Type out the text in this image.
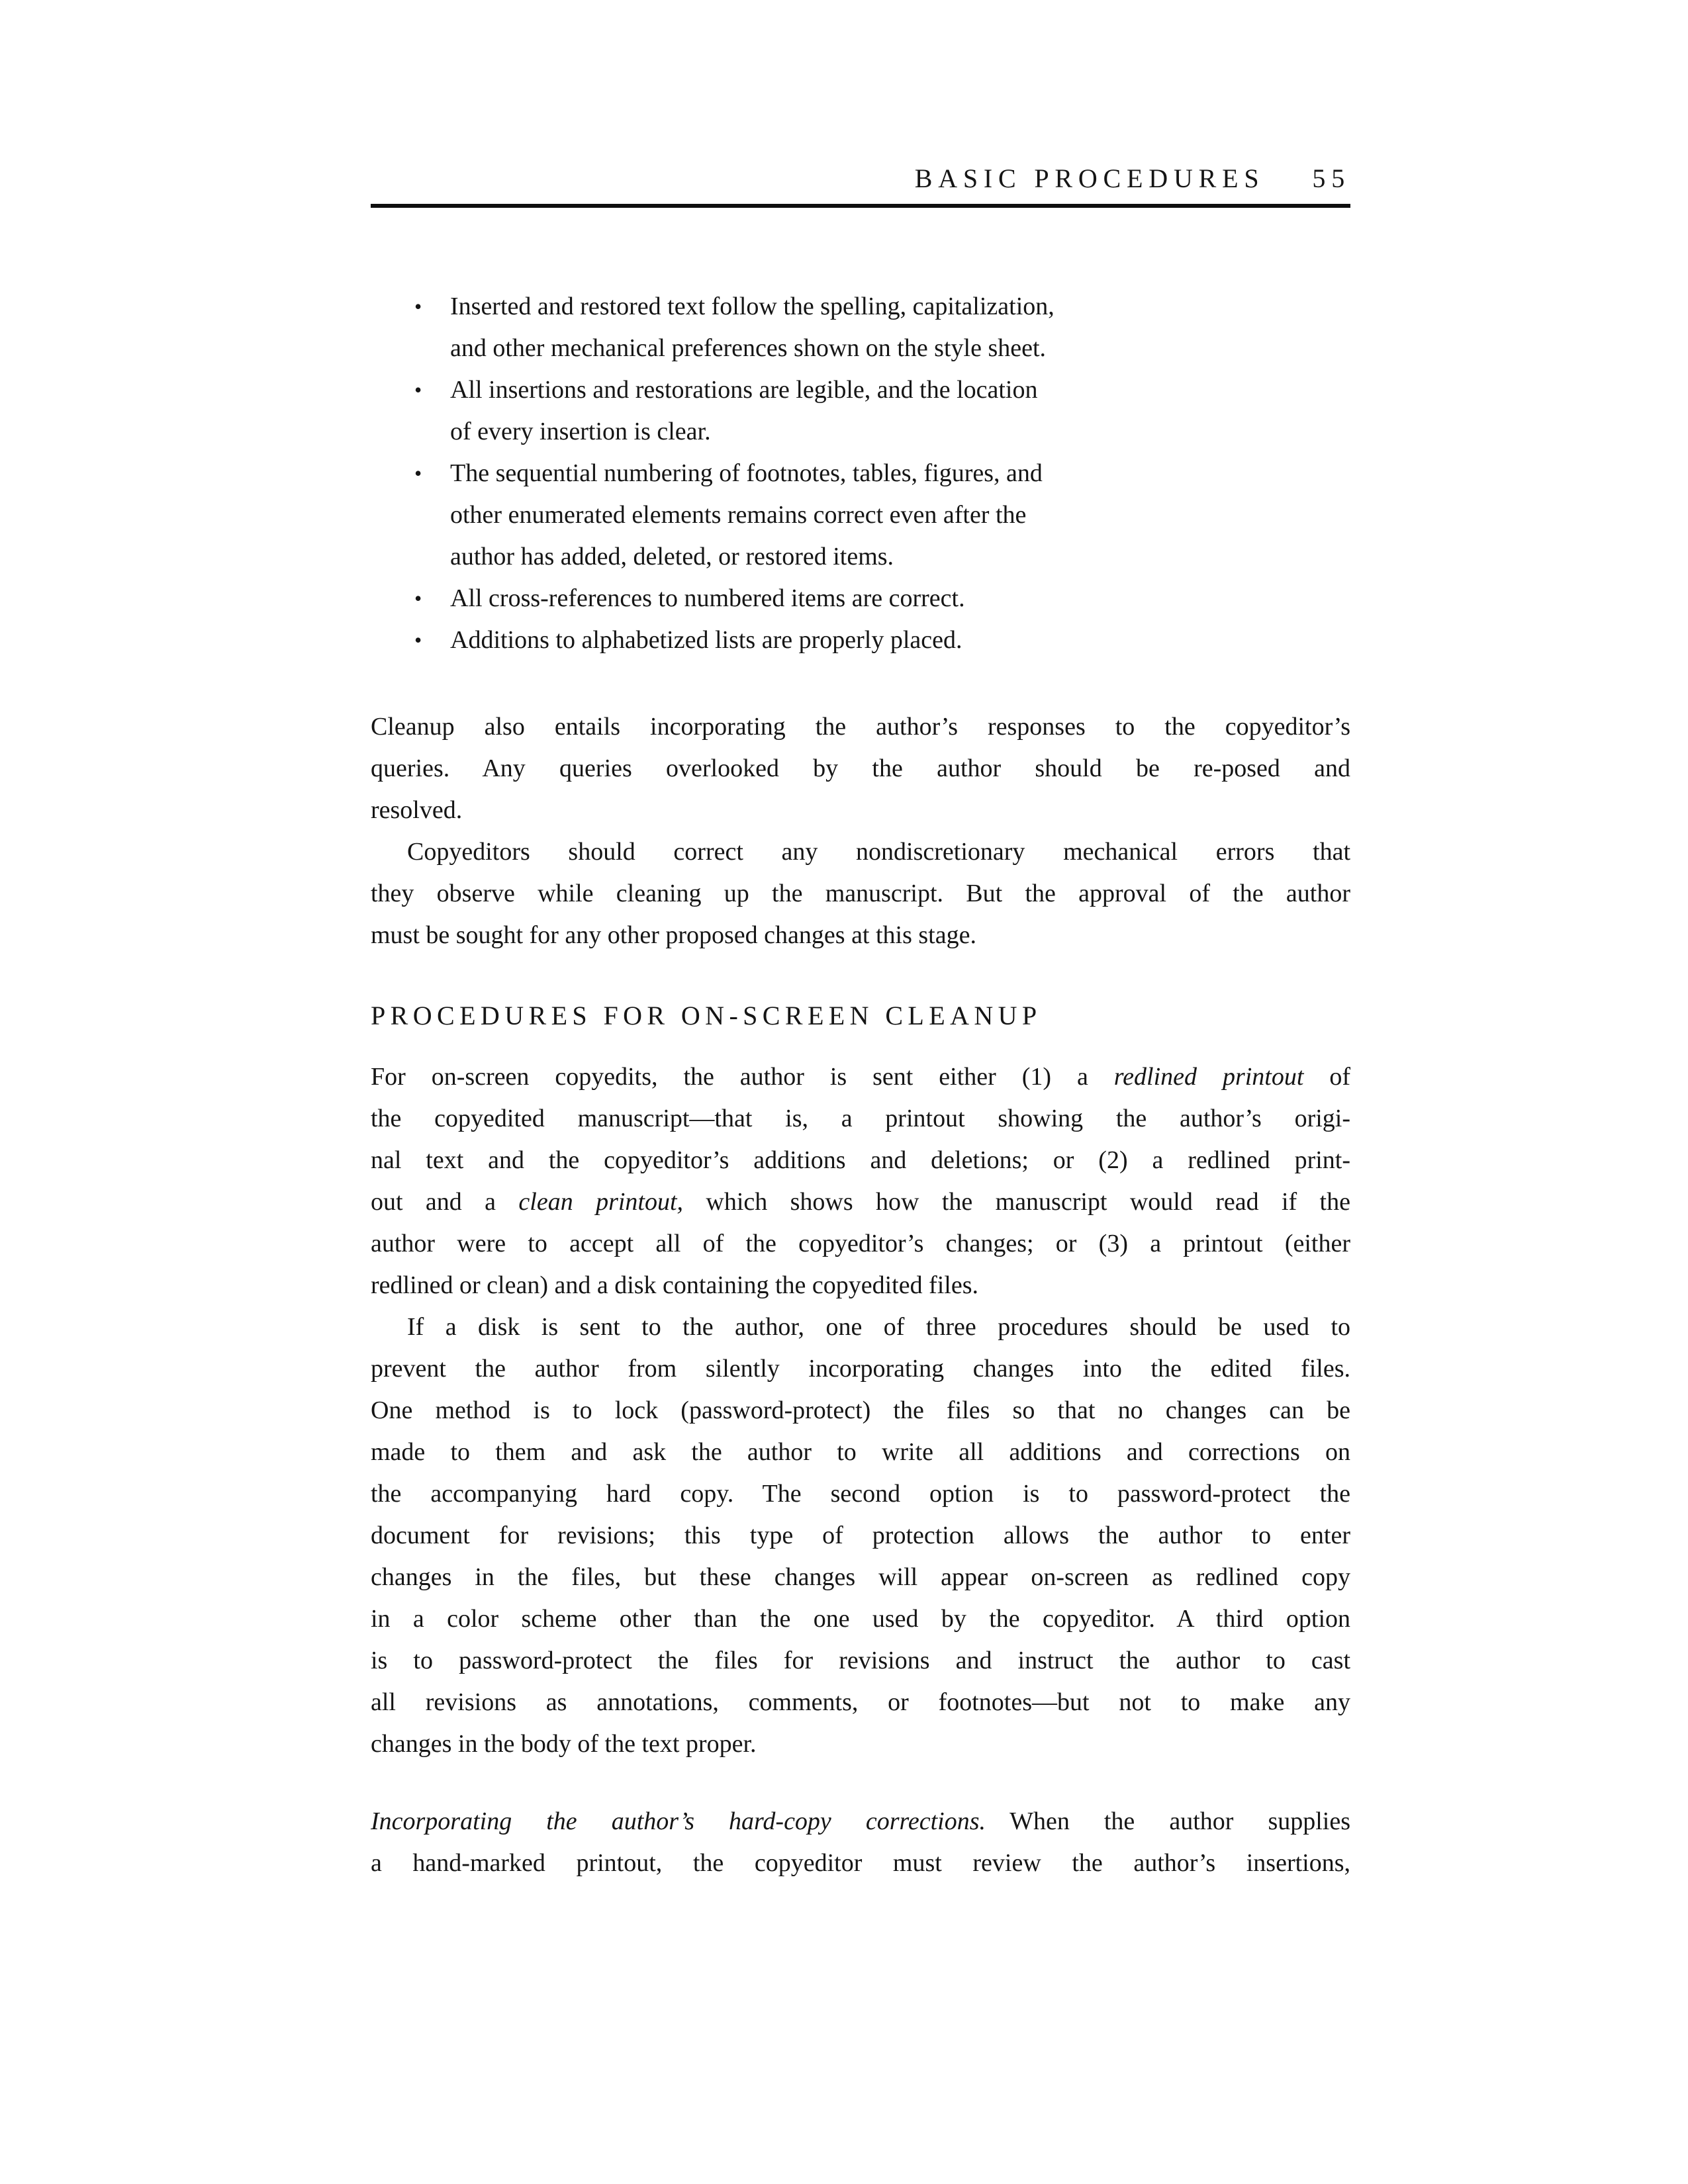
BASIC PROCEDURES 55
• Inserted and restored text follow the spelling, capitalization,
and other mechanical preferences shown on the style sheet.
• All insertions and restorations are legible, and the location
of every insertion is clear.
• The sequential numbering of footnotes, tables, figures, and
other enumerated elements remains correct even after the
author has added, deleted, or restored items.
• All cross-references to numbered items are correct.
• Additions to alphabetized lists are properly placed.
Cleanup also entails incorporating the author’s responses to the copyeditor’s
queries. Any queries overlooked by the author should be re-posed and
resolved.
Copyeditors should correct any nondiscretionary mechanical errors that
they observe while cleaning up the manuscript. But the approval of the author
must be sought for any other proposed changes at this stage.
PROCEDURES FOR ON-SCREEN CLEANUP
For on-screen copyedits, the author is sent either (1) a redlined printout of
the copyedited manuscript—that is, a printout showing the author’s origi-
nal text and the copyeditor’s additions and deletions; or (2) a redlined print-
out and a clean printout, which shows how the manuscript would read if the
author were to accept all of the copyeditor’s changes; or (3) a printout (either
redlined or clean) and a disk containing the copyedited files.
If a disk is sent to the author, one of three procedures should be used to
prevent the author from silently incorporating changes into the edited files.
One method is to lock (password-protect) the files so that no changes can be
made to them and ask the author to write all additions and corrections on
the accompanying hard copy. The second option is to password-protect the
document for revisions; this type of protection allows the author to enter
changes in the files, but these changes will appear on-screen as redlined copy
in a color scheme other than the one used by the copyeditor. A third option
is to password-protect the files for revisions and instruct the author to cast
all revisions as annotations, comments, or footnotes—but not to make any
changes in the body of the text proper.
Incorporating the author’s hard-copy corrections. When the author supplies
a hand-marked printout, the copyeditor must review the author’s insertions,
